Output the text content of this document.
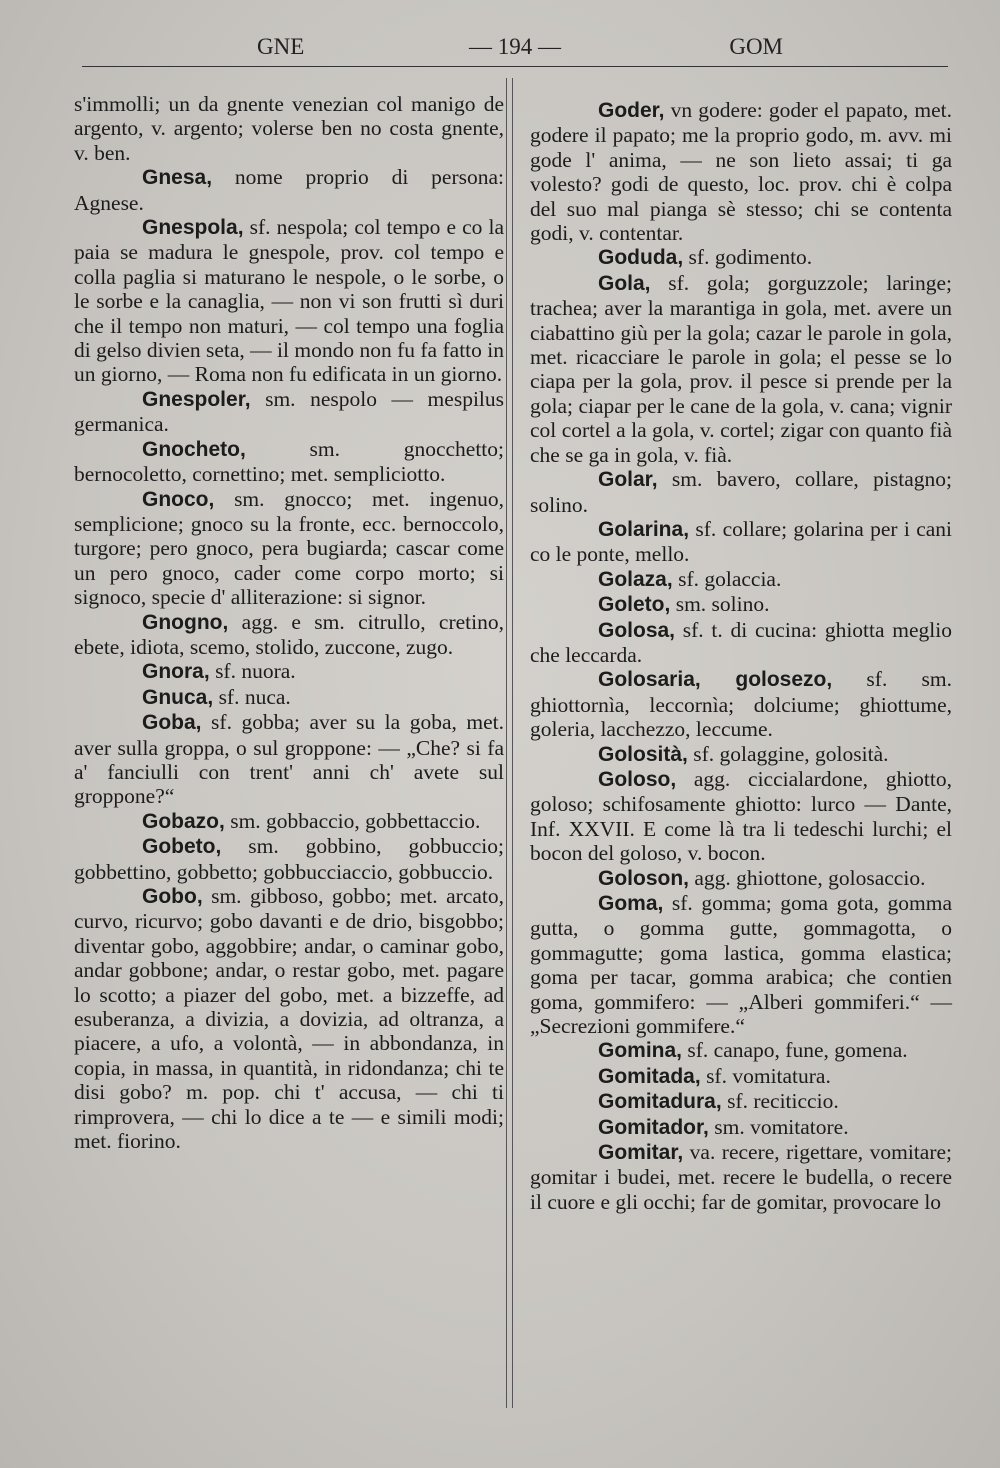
GNE	— 194 —	GOM

s'immolli; un da gnente venezian col manigo de argento, v. argento; volerse ben no costa gnente, v. ben.

Gnesa, nome proprio di persona: Agnese.

Gnespola, sf. nespola; col tempo e co la paia se madura le gnespole, prov. col tempo e colla paglia si maturano le nespole, o le sorbe, o le sorbe e la canaglia, — non vi son frutti sì duri che il tempo non maturi, — col tempo una foglia di gelso divien seta, — il mondo non fu fa fatto in un giorno, — Roma non fu edificata in un giorno.

Gnespoler, sm. nespolo — mespilus germanica.

Gnocheto,	sm. gnocchetto; bernocoletto, cornettino; met. sempliciotto.

Gnoco, sm. gnocco; met. ingenuo, semplicione; gnoco su la fronte, ecc. bernoccolo, turgore; pero gnoco, pera bugiarda; cascar come un pero gnoco, cader come corpo morto; si signoco, specie d' alliterazione: si signor.

Gnogno, agg. e sm. citrullo, cretino, ebete, idiota, scemo, stolido, zuccone, zugo.

Gnora, sf. nuora.

Gnuca, sf. nuca.

Goba, sf. gobba; aver su la goba, met. aver sulla groppa, o sul groppone: — „Che? si fa a' fanciulli con trent' anni ch' avete sul groppone?“

Gobazo, sm. gobbaccio, gobbettaccio.

Gobeto, sm. gobbino, gobbuccio; gobbettino, gobbetto; gobbucciaccio, gobbuccio.

Gobo, sm. gibboso, gobbo; met. arcato, curvo, ricurvo; gobo davanti e de drio, bisgobbo; diventar gobo, aggobbire; andar, o caminar gobo, andar gobbone; andar, o restar gobo, met. pagare lo scotto; a piazer del gobo, met. a bizzeffe, ad esuberanza, a divizia, a dovizia, ad oltranza, a piacere, a ufo, a volontà, — in abbondanza, in copia, in massa, in quantità, in ridondanza; chi te disi gobo? m. pop. chi t' accusa, — chi ti rimprovera, — chi lo dice a te — e simili modi; met. fiorino.

Goder, vn godere: goder el papato, met. godere il papato; me la proprio godo, m. avv. mi gode l' anima, — ne son lieto assai; ti ga volesto? godi de questo, loc. prov. chi è colpa del suo mal pianga sè stesso; chi se contenta godi, v. contentar.

Goduda, sf. godimento.

Gola, sf. gola; gorguzzole; laringe; trachea; aver la marantiga in gola, met. avere un ciabattino giù per la gola; cazar le parole in gola, met. ricacciare le parole in gola; el pesse se lo ciapa per la gola, prov. il pesce si prende per la gola; ciapar per le cane de la gola, v. cana; vignir col cortel a la gola, v. cortel; zigar con quanto fià che se ga in gola, v. fià.

Golar, sm. bavero, collare, pistagno; solino.

Golarina, sf. collare; golarina per i cani co le ponte, mello.

Golaza, sf. golaccia.

Goleto, sm. solino.

Golosa, sf. t. di cucina: ghiotta meglio che leccarda.

Golosaria, golosezo, sf. sm. ghiottornìa, leccornìa; dolciume; ghiottume, goleria, lacchezzo, leccume.

Golosità, sf. golaggine, golosità.

Goloso, agg. ciccialardone, ghiotto, goloso; schifosamente ghiotto: lurco — Dante, Inf. XXVII. E come là tra li tedeschi lurchi; el bocon del goloso, v. bocon.

Goloson, agg. ghiottone, golosaccio.

Goma, sf. gomma; goma gota, gomma gutta, o gomma gutte, gommagotta, o gommagutte; goma lastica, gomma elastica; goma per tacar, gomma arabica; che contien goma, gommifero: — „Alberi gommiferi.“ — „Secrezioni gommifere.“

Gomina, sf. canapo, fune, gomena.

Gomitada, sf. vomitatura.

Gomitadura, sf. reciticcio.

Gomitador, sm. vomitatore.

Gomitar, va. recere, rigettare, vomitare; gomitar i budei, met. recere le budella, o recere il cuore e gli occhi; far de gomitar, provocare lo
